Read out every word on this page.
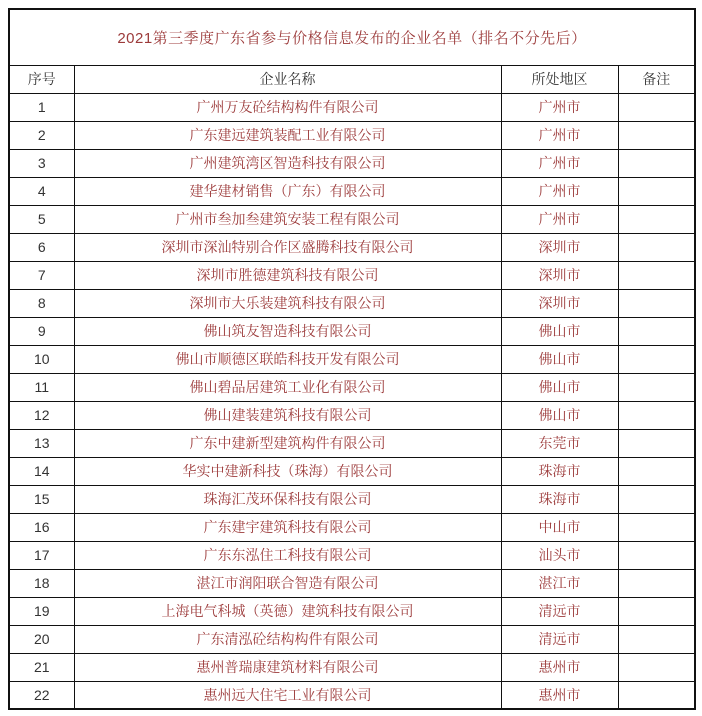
2021第三季度广东省参与价格信息发布的企业名单（排名不分先后）			
序号	企业名称	所处地区	备注
1	广州万友砼结构构件有限公司	广州市	
2	广东建远建筑装配工业有限公司	广州市	
3	广州建筑湾区智造科技有限公司	广州市	
4	建华建材销售（广东）有限公司	广州市	
5	广州市叁加叁建筑安装工程有限公司	广州市	
6	深圳市深汕特别合作区盛腾科技有限公司	深圳市	
7	深圳市胜德建筑科技有限公司	深圳市	
8	深圳市大乐装建筑科技有限公司	深圳市	
9	佛山筑友智造科技有限公司	佛山市	
10	佛山市顺德区联皓科技开发有限公司	佛山市	
11	佛山碧品居建筑工业化有限公司	佛山市	
12	佛山建装建筑科技有限公司	佛山市	
13	广东中建新型建筑构件有限公司	东莞市	
14	华实中建新科技（珠海）有限公司	珠海市	
15	珠海汇茂环保科技有限公司	珠海市	
16	广东建宇建筑科技有限公司	中山市	
17	广东东泓住工科技有限公司	汕头市	
18	湛江市润阳联合智造有限公司	湛江市	
19	上海电气科城（英德）建筑科技有限公司	清远市	
20	广东清泓砼结构构件有限公司	清远市	
21	惠州普瑞康建筑材料有限公司	惠州市	
22	惠州远大住宅工业有限公司	惠州市	
